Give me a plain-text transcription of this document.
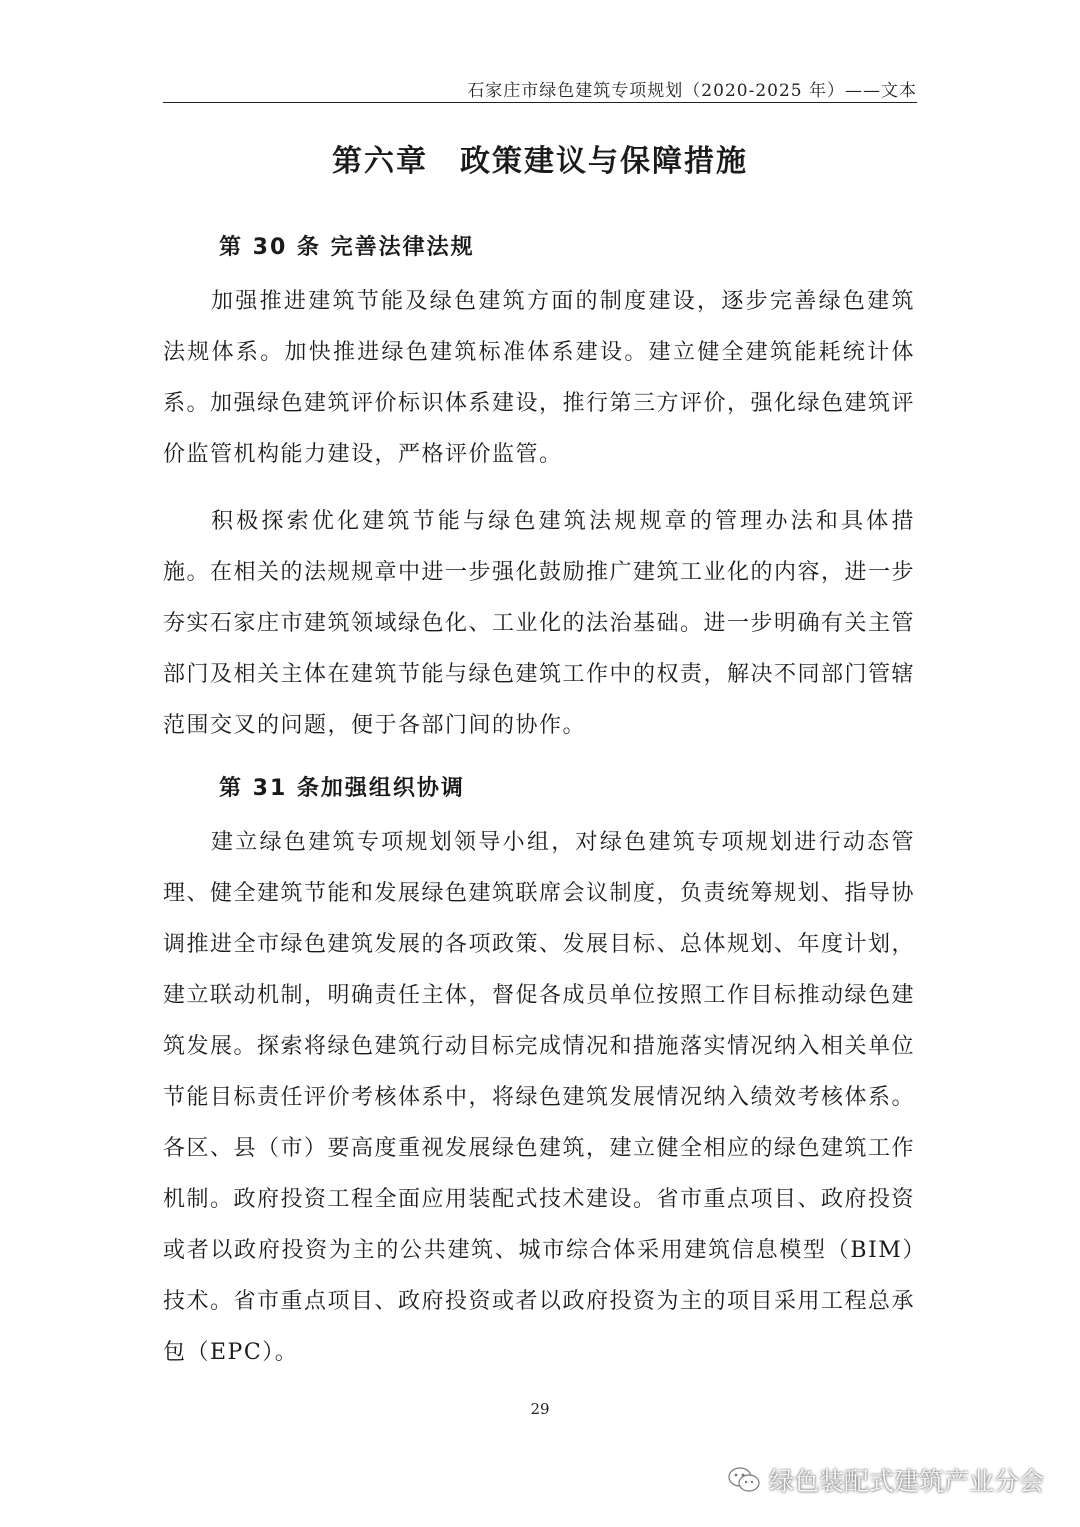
石家庄市绿色建筑专项规划（2020-2025 年）——文本
第六章　政策建议与保障措施
第 30 条 完善法律法规

加强推进建筑节能及绿色建筑方面的制度建设，逐步完善绿色建筑法规体系。加快推进绿色建筑标准体系建设。建立健全建筑能耗统计体系。加强绿色建筑评价标识体系建设，推行第三方评价，强化绿色建筑评价监管机构能力建设，严格评价监管。

积极探索优化建筑节能与绿色建筑法规规章的管理办法和具体措施。在相关的法规规章中进一步强化鼓励推广建筑工业化的内容，进一步夯实石家庄市建筑领域绿色化、工业化的法治基础。进一步明确有关主管部门及相关主体在建筑节能与绿色建筑工作中的权责，解决不同部门管辖范围交叉的问题，便于各部门间的协作。

第 31 条加强组织协调

建立绿色建筑专项规划领导小组，对绿色建筑专项规划进行动态管理、健全建筑节能和发展绿色建筑联席会议制度，负责统筹规划、指导协调推进全市绿色建筑发展的各项政策、发展目标、总体规划、年度计划，建立联动机制，明确责任主体，督促各成员单位按照工作目标推动绿色建筑发展。探索将绿色建筑行动目标完成情况和措施落实情况纳入相关单位节能目标责任评价考核体系中，将绿色建筑发展情况纳入绩效考核体系。各区、县（市）要高度重视发展绿色建筑，建立健全相应的绿色建筑工作机制。政府投资工程全面应用装配式技术建设。省市重点项目、政府投资或者以政府投资为主的公共建筑、城市综合体采用建筑信息模型（BIM）技术。省市重点项目、政府投资或者以政府投资为主的项目采用工程总承包（EPC）。

29
绿色装配式建筑产业分会
